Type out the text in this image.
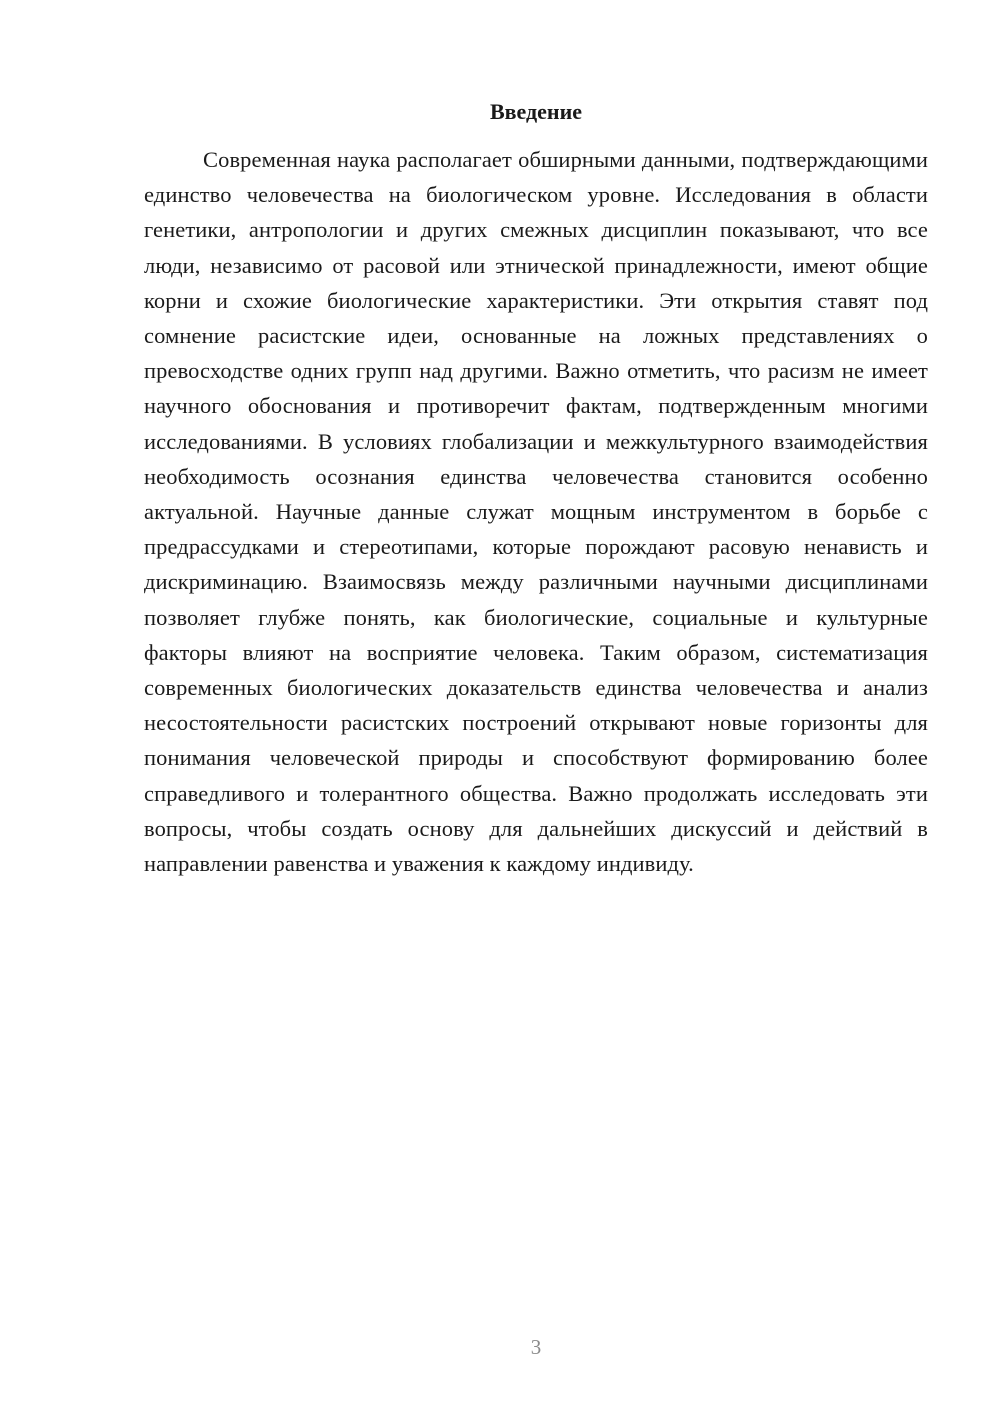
Введение

Современная наука располагает обширными данными, подтверждающими единство человечества на биологическом уровне. Исследования в области генетики, антропологии и других смежных дисциплин показывают, что все люди, независимо от расовой или этнической принадлежности, имеют общие корни и схожие биологические характеристики. Эти открытия ставят под сомнение расистские идеи, основанные на ложных представлениях о превосходстве одних групп над другими. Важно отметить, что расизм не имеет научного обоснования и противоречит фактам, подтвержденным многими исследованиями. В условиях глобализации и межкультурного взаимодействия необходимость осознания единства человечества становится особенно актуальной. Научные данные служат мощным инструментом в борьбе с предрассудками и стереотипами, которые порождают расовую ненависть и дискриминацию. Взаимосвязь между различными научными дисциплинами позволяет глубже понять, как биологические, социальные и культурные факторы влияют на восприятие человека. Таким образом, систематизация современных биологических доказательств единства человечества и анализ несостоятельности расистских построений открывают новые горизонты для понимания человеческой природы и способствуют формированию более справедливого и толерантного общества. Важно продолжать исследовать эти вопросы, чтобы создать основу для дальнейших дискуссий и действий в направлении равенства и уважения к каждому индивиду.

3
